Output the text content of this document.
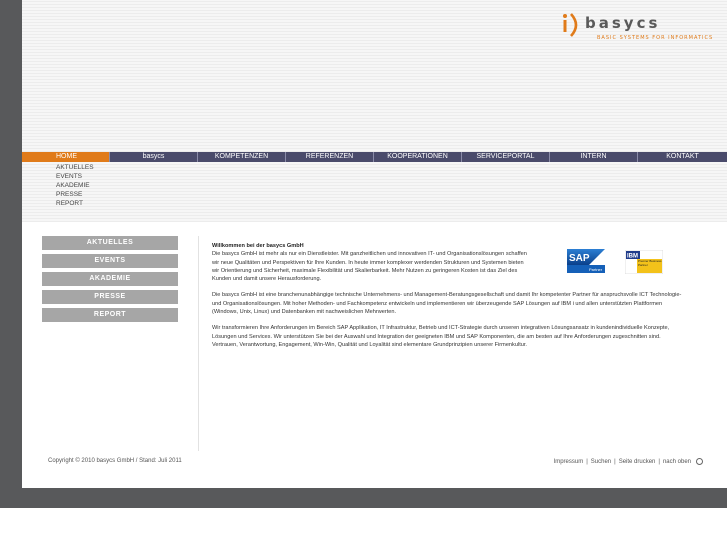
basycs
BASIC SYSTEMS FOR INFORMATICS
HOME	basycs	KOMPETENZEN	REFERENZEN	KOOPERATIONEN	SERVICEPORTAL	INTERN	KONTAKT
AKTUELLES
EVENTS
AKADEMIE
PRESSE
REPORT
AKTUELLES
EVENTS
AKADEMIE
PRESSE
REPORT
Willkommen bei der basycs GmbH
Die basycs GmbH ist mehr als nur ein Dienstleister. Mit ganzheitlichen und innovativen IT- und Organisationslösungen schaffen wir neue Qualitäten und Perspektiven für Ihre Kunden. In heute immer komplexer werdenden Strukturen und Systemen bieten wir Orientierung und Sicherheit, maximale Flexibilität und Skalierbarkeit. Mehr Nutzen zu geringeren Kosten ist das Ziel des Kunden und damit unsere Herausforderung.
Die basycs GmbH ist eine branchenunabhängige technische Unternehmens- und Management-Beratungsgesellschaft und damit Ihr kompetenter Partner für anspruchsvolle ICT Technologie- und Organisationslösungen. Mit hoher Methoden- und Fachkompetenz entwickeln und implementieren wir überzeugende SAP Lösungen auf IBM i und allen unterstützten Plattformen (Windows, Unix, Linux) und Datenbanken mit nachweislichen Mehrwerten.
Wir transformieren Ihre Anforderungen im Bereich SAP Applikation, IT Infrastruktur, Betrieb und ICT-Strategie durch unseren integrativen Lösungsansatz in kundenindividuelle Konzepte, Lösungen und Services. Wir unterstützen Sie bei der Auswahl und Integration der geeigneten IBM und SAP Komponenten, die am besten auf Ihre Anforderungen zugeschnitten sind. Vertrauen, Verantwortung, Engagement, Win-Win, Qualität und Loyalität sind elementare Grundprinzipien unserer Firmenkultur.
SAP
Partner
IBM
Premier Business Partner
Copyright © 2010 basycs GmbH / Stand: Juli 2011	Impressum | Suchen | Seite drucken | nach oben
